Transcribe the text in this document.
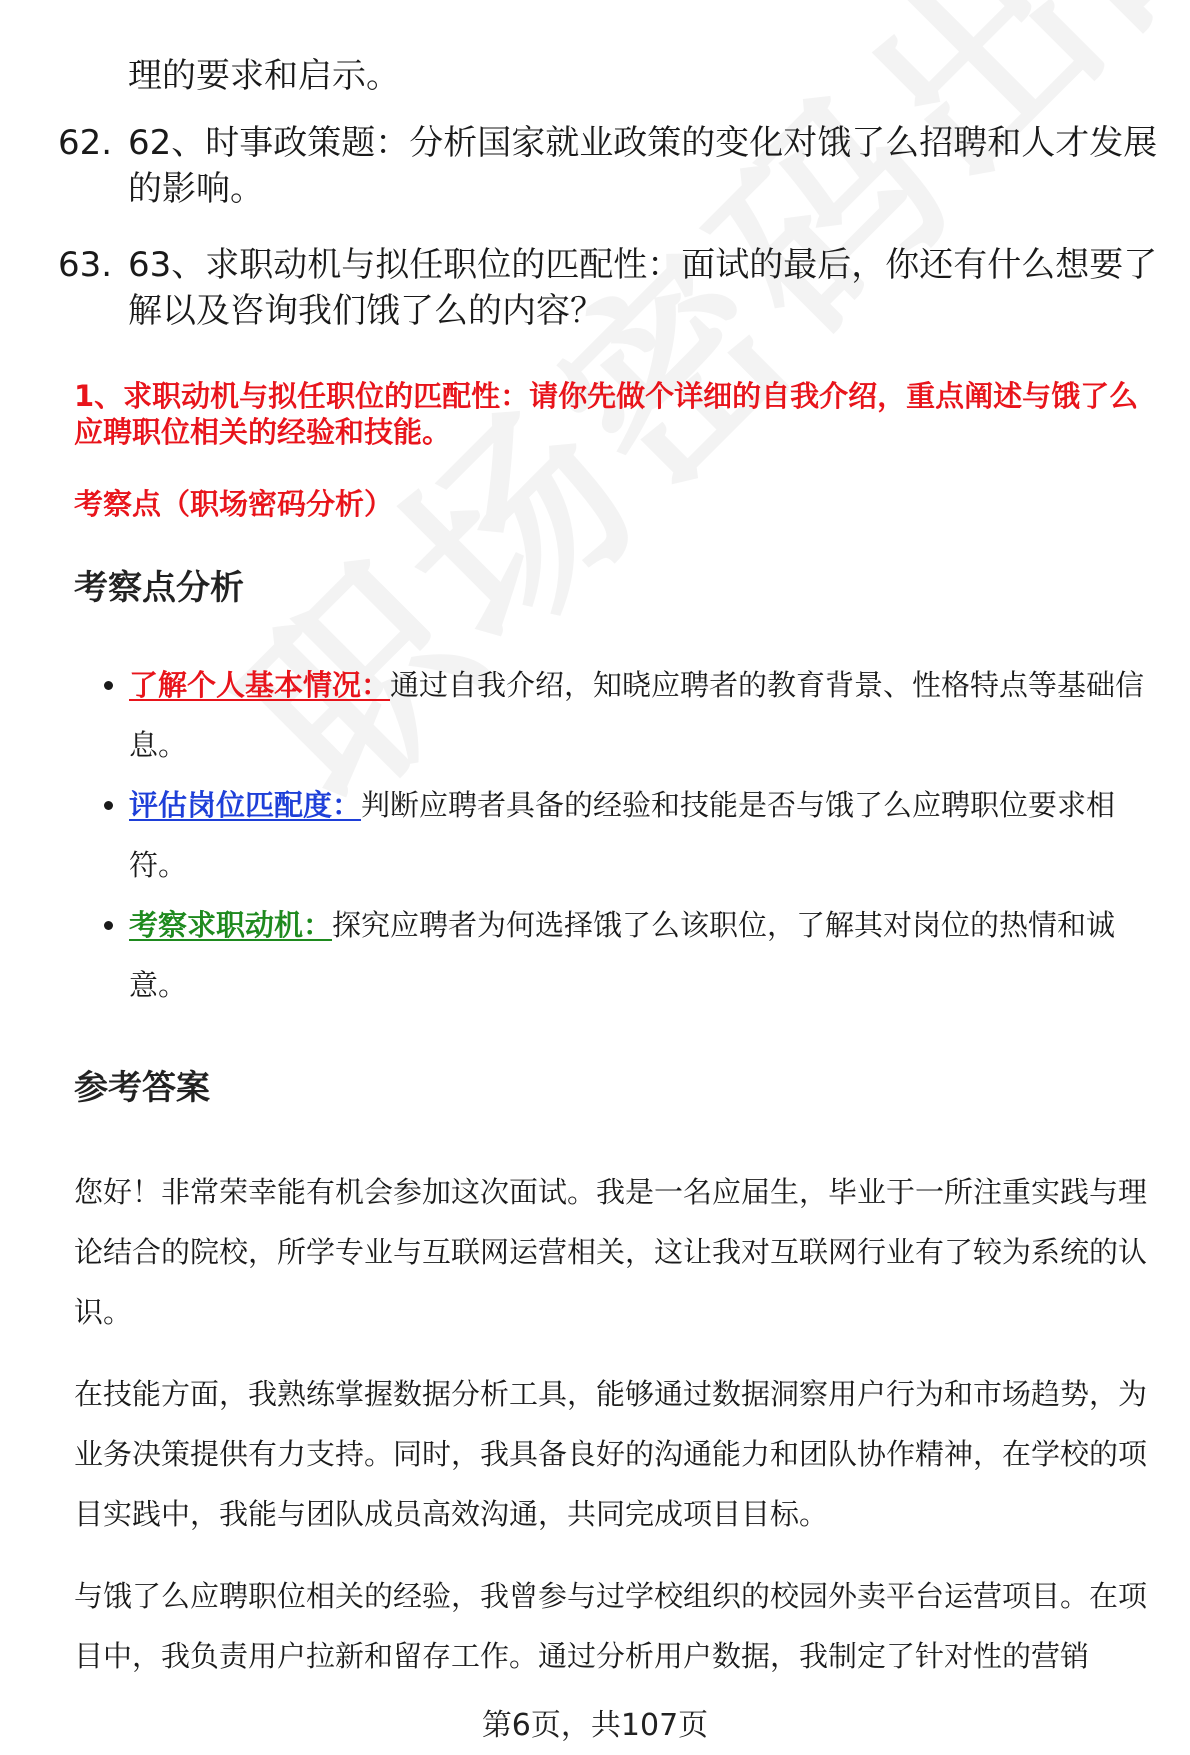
理的要求和启示。

62. 62、时事政策题：分析国家就业政策的变化对饿了么招聘和人才发展的影响。
63. 63、求职动机与拟任职位的匹配性：面试的最后，你还有什么想要了解以及咨询我们饿了么的内容？

1、求职动机与拟任职位的匹配性：请你先做个详细的自我介绍，重点阐述与饿了么应聘职位相关的经验和技能。

考察点（职场密码分析）

考察点分析
了解个人基本情况：通过自我介绍，知晓应聘者的教育背景、性格特点等基础信息。
评估岗位匹配度：判断应聘者具备的经验和技能是否与饿了么应聘职位要求相符。
考察求职动机：探究应聘者为何选择饿了么该职位，了解其对岗位的热情和诚意。
参考答案

您好！非常荣幸能有机会参加这次面试。我是一名应届生，毕业于一所注重实践与理论结合的院校，所学专业与互联网运营相关，这让我对互联网行业有了较为系统的认识。

在技能方面，我熟练掌握数据分析工具，能够通过数据洞察用户行为和市场趋势，为业务决策提供有力支持。同时，我具备良好的沟通能力和团队协作精神，在学校的项目实践中，我能与团队成员高效沟通，共同完成项目目标。

与饿了么应聘职位相关的经验，我曾参与过学校组织的校园外卖平台运营项目。在项目中，我负责用户拉新和留存工作。通过分析用户数据，我制定了针对性的营销

第6页，共107页
